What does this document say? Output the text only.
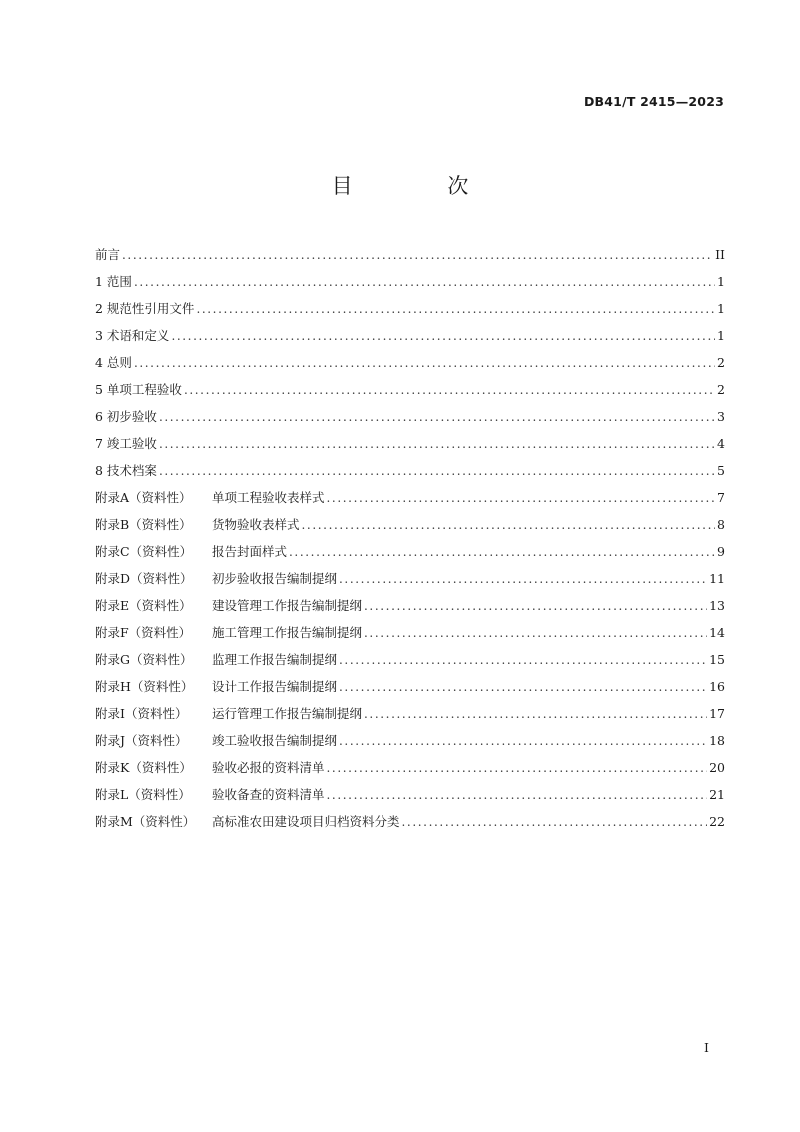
DB41/T 2415—2023
目 次
前言 .....	II
1 范围 .....	1
2 规范性引用文件 .....	1
3 术语和定义 .....	1
4 总则 .....	2
5 单项工程验收 .....	2
6 初步验收 .....	3
7 竣工验收 .....	4
8 技术档案 .....	5
附录A（资料性） 单项工程验收表样式 .....	7
附录B（资料性） 货物验收表样式 .....	8
附录C（资料性） 报告封面样式 .....	9
附录D（资料性） 初步验收报告编制提纲 .....	11
附录E（资料性） 建设管理工作报告编制提纲 .....	13
附录F（资料性） 施工管理工作报告编制提纲 .....	14
附录G（资料性） 监理工作报告编制提纲 .....	15
附录H（资料性） 设计工作报告编制提纲 .....	16
附录I（资料性） 运行管理工作报告编制提纲 .....	17
附录J（资料性） 竣工验收报告编制提纲 .....	18
附录K（资料性） 验收必报的资料清单 .....	20
附录L（资料性） 验收备查的资料清单 .....	21
附录M（资料性） 高标准农田建设项目归档资料分类 .....	22
I
